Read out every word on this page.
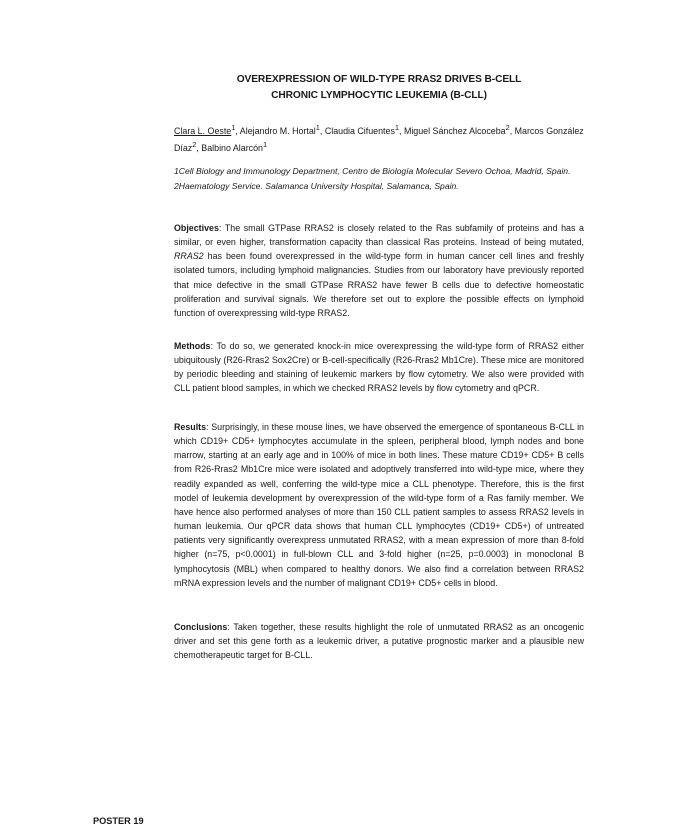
OVEREXPRESSION OF WILD-TYPE RRAS2 DRIVES B-CELL
CHRONIC LYMPHOCYTIC LEUKEMIA (B-CLL)
Clara L. Oeste$^1$, Alejandro M. Hortal$^1$, Claudia Cifuentes$^1$, Miguel Sánchez Alcoceba$^2$, Marcos González Díaz$^2$, Balbino Alarcón$^1$
1Cell Biology and Immunology Department, Centro de Biología Molecular Severo Ochoa, Madrid, Spain.
2Haematology Service. Salamanca University Hospital, Salamanca, Spain.

Objectives: The small GTPase RRAS2 is closely related to the Ras subfamily of proteins and has a similar, or even higher, transformation capacity than classical Ras proteins. Instead of being mutated, RRAS2 has been found overexpressed in the wild-type form in human cancer cell lines and freshly isolated tumors, including lymphoid malignancies. Studies from our laboratory have previously reported that mice defective in the small GTPase RRAS2 have fewer B cells due to defective homeostatic proliferation and survival signals. We therefore set out to explore the possible effects on lymphoid function of overexpressing wild-type RRAS2.

Methods: To do so, we generated knock-in mice overexpressing the wild-type form of RRAS2 either ubiquitously (R26-Rras2 Sox2Cre) or B-cell-specifically (R26-Rras2 Mb1Cre). These mice are monitored by periodic bleeding and staining of leukemic markers by flow cytometry. We also were provided with CLL patient blood samples, in which we checked RRAS2 levels by flow cytometry and qPCR.

Results: Surprisingly, in these mouse lines, we have observed the emergence of spontaneous B-CLL in which CD19+ CD5+ lymphocytes accumulate in the spleen, peripheral blood, lymph nodes and bone marrow, starting at an early age and in 100% of mice in both lines. These mature CD19+ CD5+ B cells from R26-Rras2 Mb1Cre mice were isolated and adoptively transferred into wild-type mice, where they readily expanded as well, conferring the wild-type mice a CLL phenotype. Therefore, this is the first model of leukemia development by overexpression of the wild-type form of a Ras family member. We have hence also performed analyses of more than 150 CLL patient samples to assess RRAS2 levels in human leukemia. Our qPCR data shows that human CLL lymphocytes (CD19+ CD5+) of untreated patients very significantly overexpress unmutated RRAS2, with a mean expression of more than 8-fold higher (n=75, p<0.0001) in full-blown CLL and 3-fold higher (n=25, p=0.0003) in monoclonal B lymphocytosis (MBL) when compared to healthy donors. We also find a correlation between RRAS2 mRNA expression levels and the number of malignant CD19+ CD5+ cells in blood.

Conclusions: Taken together, these results highlight the role of unmutated RRAS2 as an oncogenic driver and set this gene forth as a leukemic driver, a putative prognostic marker and a plausible new chemotherapeutic target for B-CLL.

POSTER 19
